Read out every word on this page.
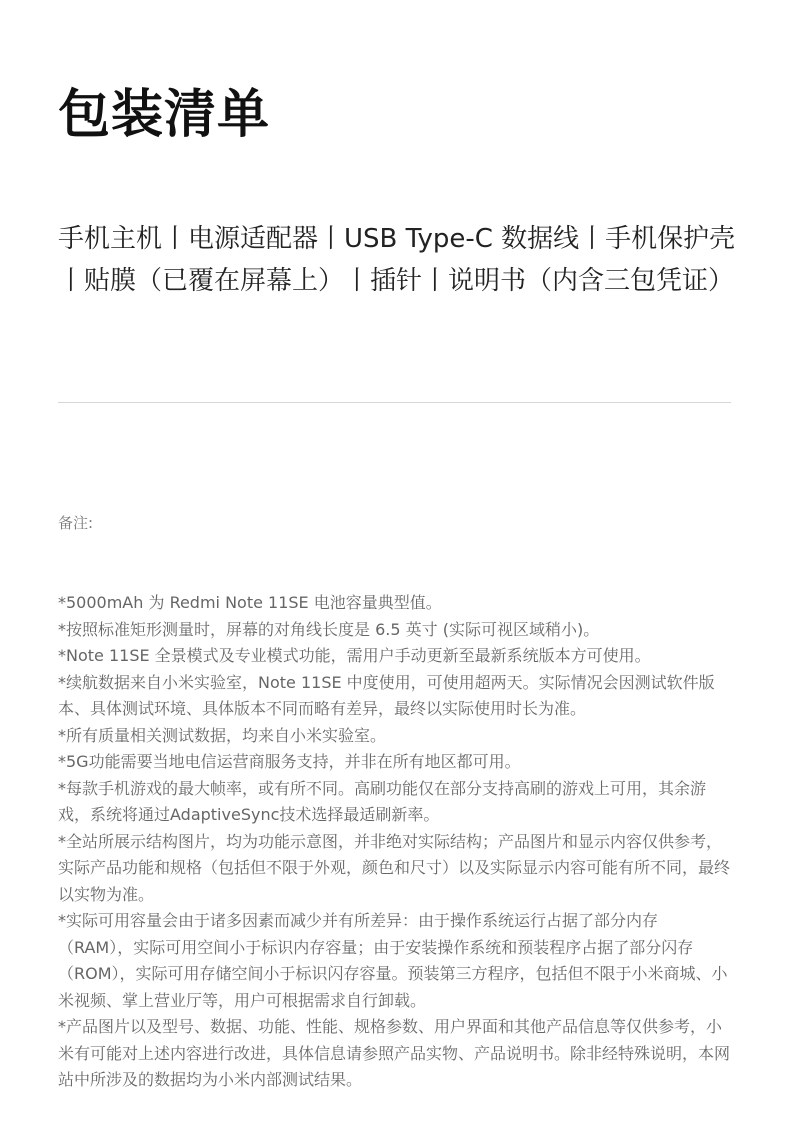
包装清单

手机主机丨电源适配器丨USB Type-C 数据线丨手机保护壳丨贴膜（已覆在屏幕上）丨插针丨说明书（内含三包凭证）

备注:

*5000mAh 为 Redmi Note 11SE 电池容量典型值。
*按照标准矩形测量时，屏幕的对角线长度是 6.5 英寸 (实际可视区域稍小)。
*Note 11SE 全景模式及专业模式功能，需用户手动更新至最新系统版本方可使用。
*续航数据来自小米实验室，Note 11SE 中度使用，可使用超两天。实际情况会因测试软件版本、具体测试环境、具体版本不同而略有差异，最终以实际使用时长为准。
*所有质量相关测试数据，均来自小米实验室。
*5G功能需要当地电信运营商服务支持，并非在所有地区都可用。
*每款手机游戏的最大帧率，或有所不同。高刷功能仅在部分支持高刷的游戏上可用，其余游戏，系统将通过AdaptiveSync技术选择最适刷新率。
*全站所展示结构图片，均为功能示意图，并非绝对实际结构；产品图片和显示内容仅供参考，实际产品功能和规格（包括但不限于外观，颜色和尺寸）以及实际显示内容可能有所不同，最终以实物为准。
*实际可用容量会由于诸多因素而减少并有所差异：由于操作系统运行占据了部分内存（RAM），实际可用空间小于标识内存容量；由于安装操作系统和预装程序占据了部分闪存（ROM），实际可用存储空间小于标识闪存容量。预装第三方程序，包括但不限于小米商城、小米视频、掌上营业厅等，用户可根据需求自行卸载。
*产品图片以及型号、数据、功能、性能、规格参数、用户界面和其他产品信息等仅供参考，小米有可能对上述内容进行改进，具体信息请参照产品实物、产品说明书。除非经特殊说明，本网站中所涉及的数据均为小米内部测试结果。
